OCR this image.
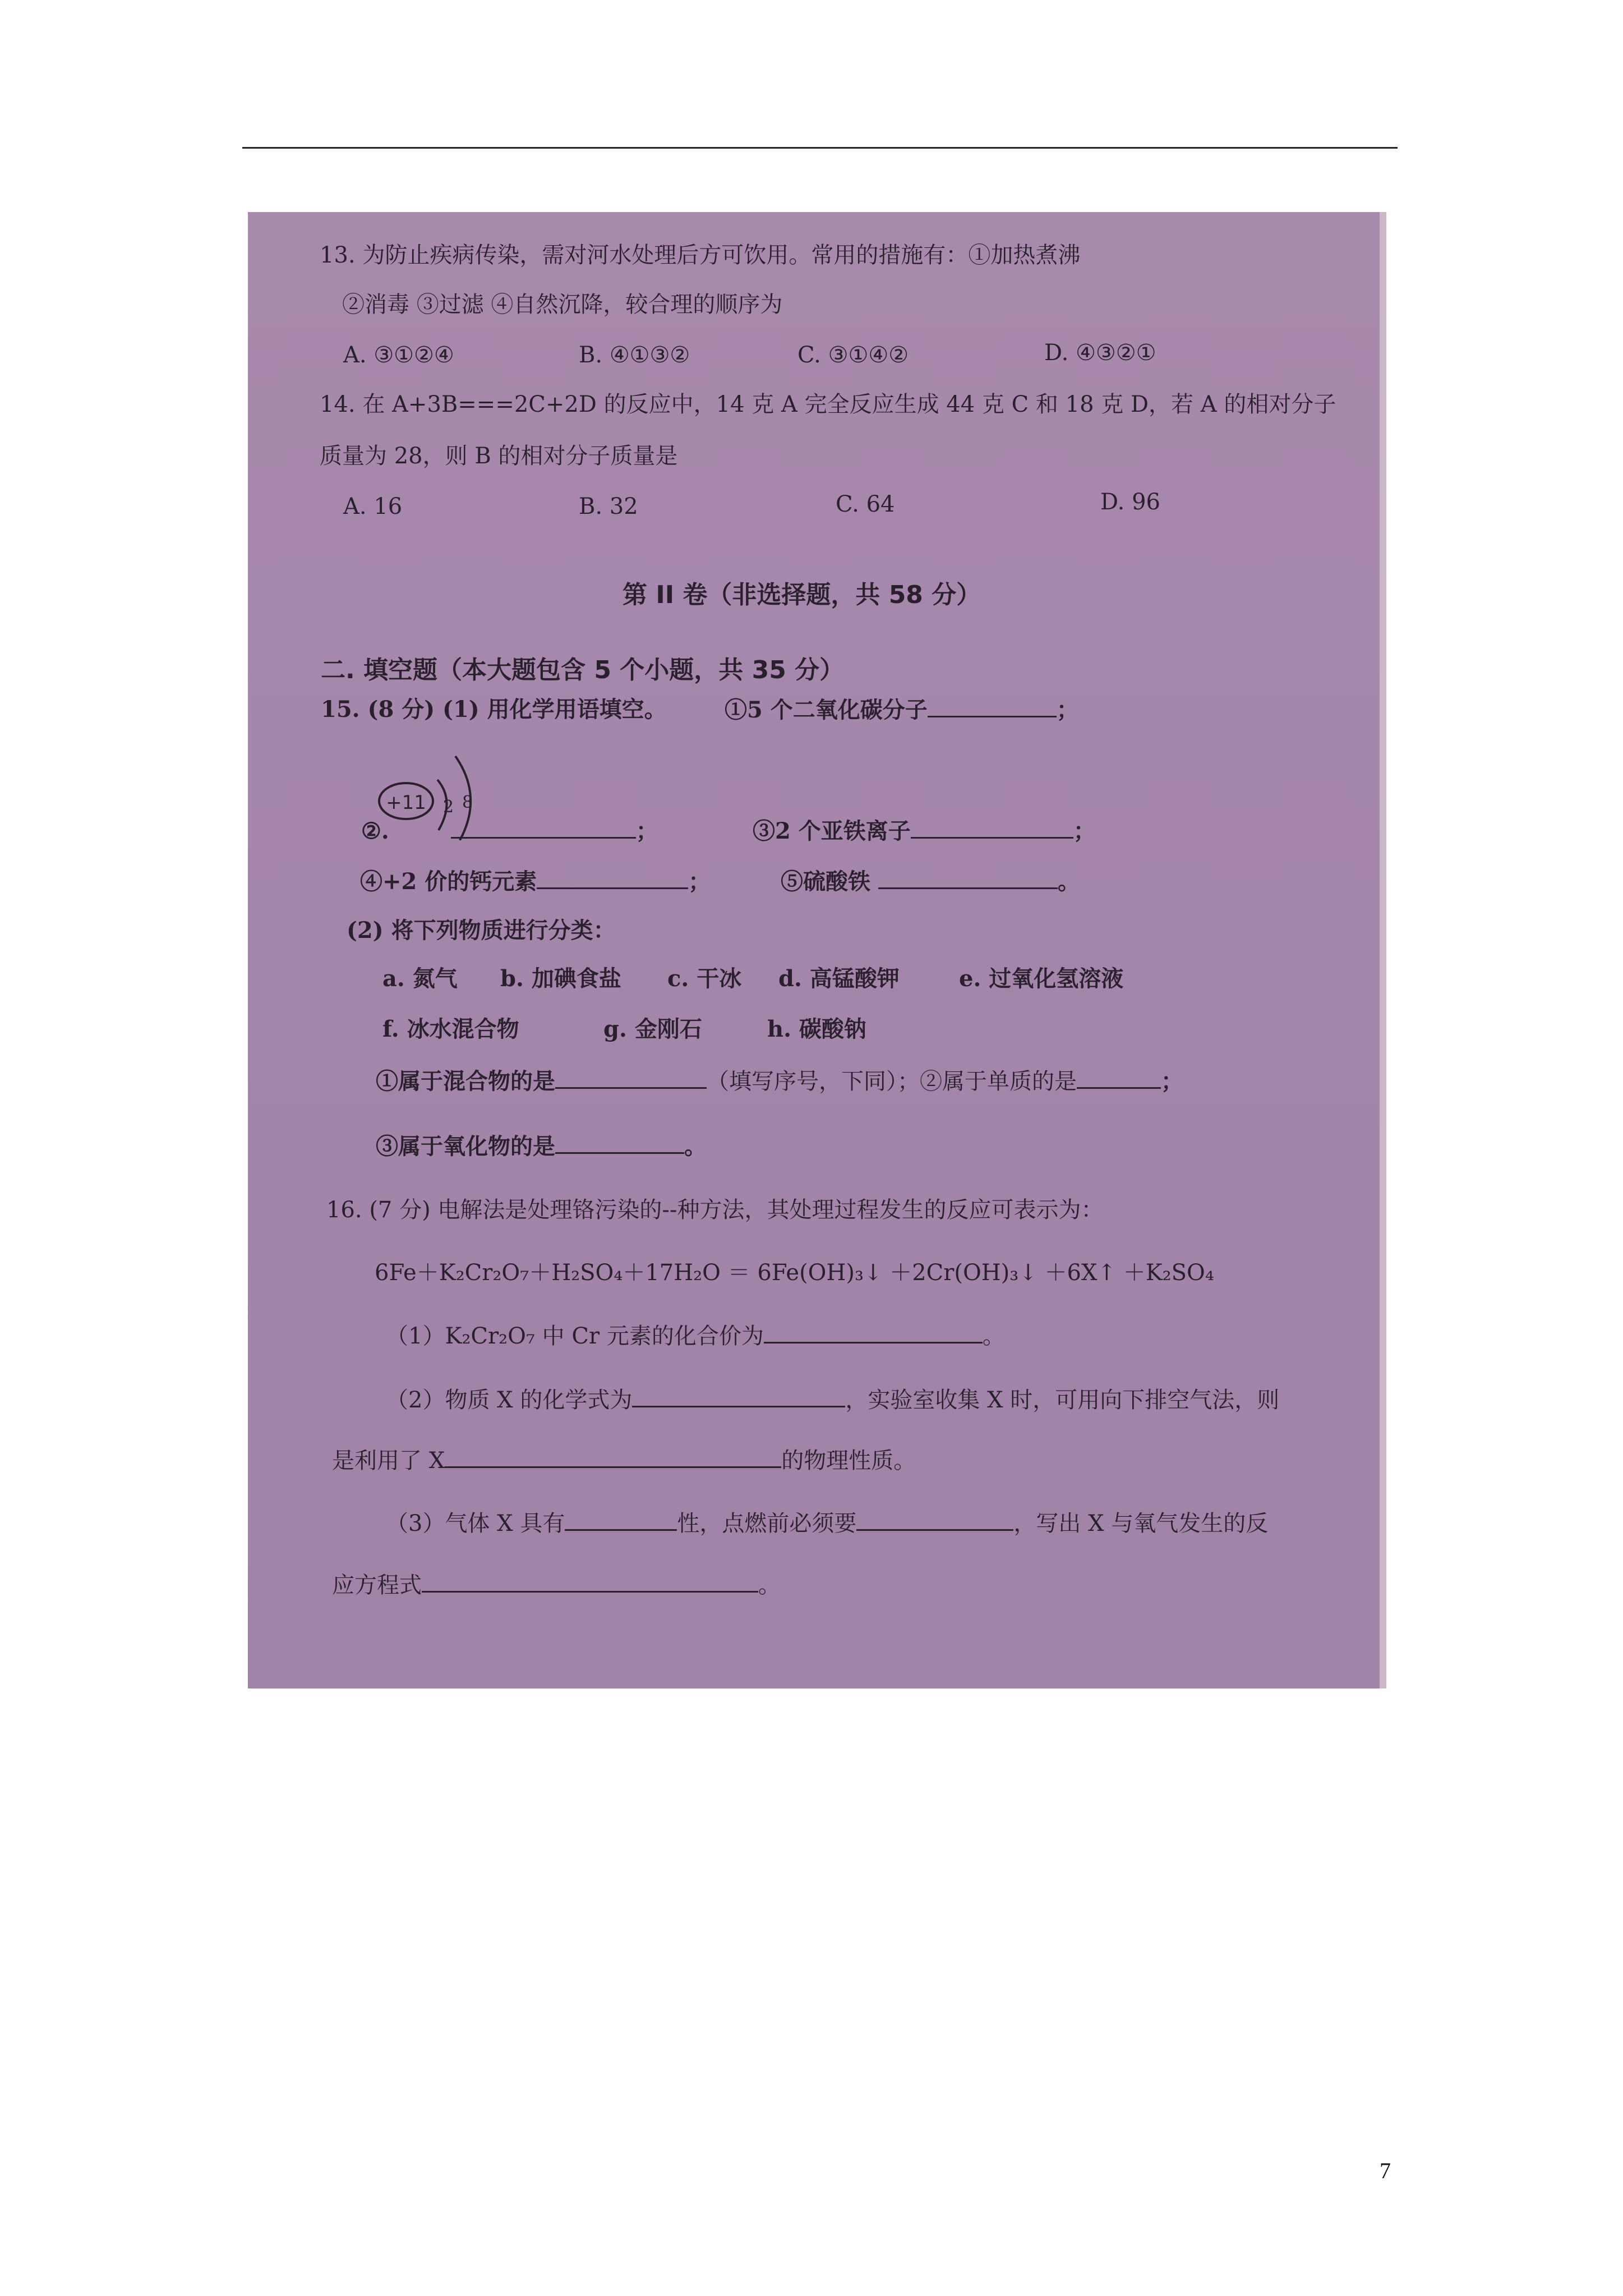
13. 为防止疾病传染，需对河水处理后方可饮用。常用的措施有：①加热煮沸
②消毒 ③过滤 ④自然沉降，较合理的顺序为
A. ③①②④	B. ④①③②	C. ③①④②	D. ④③②①
14. 在 A+3B===2C+2D 的反应中，14 克 A 完全反应生成 44 克 C 和 18 克 D，若 A 的相对分子
质量为 28，则 B 的相对分子质量是
A. 16	B. 32	C. 64	D. 96
第 II 卷（非选择题，共 58 分）
二. 填空题（本大题包含 5 个小题，共 35 分）
15. (8 分) (1) 用化学用语填空。	①5 个二氧化碳分子	；
+11 2 8
②.	；	③2 个亚铁离子	；
④+2 价的钙元素	；	⑤硫酸铁	。
(2) 将下列物质进行分类：
a. 氮气 b. 加碘食盐 c. 干冰 d. 高锰酸钾	e. 过氧化氢溶液
f. 冰水混合物	g. 金刚石	h. 碳酸钠
①属于混合物的是	（填写序号，下同）；②属于单质的是	；
③属于氧化物的是	。
16. (7 分) 电解法是处理铬污染的--种方法，其处理过程发生的反应可表示为：
6Fe＋K₂Cr₂O₇＋H₂SO₄＋17H₂O ＝ 6Fe(OH)₃↓ ＋2Cr(OH)₃↓ ＋6X↑ ＋K₂SO₄
（1）K₂Cr₂O₇ 中 Cr 元素的化合价为	。
（2）物质 X 的化学式为	，实验室收集 X 时，可用向下排空气法，则
是利用了 X	的物理性质。
（3）气体 X 具有	性，点燃前必须要	，写出 X 与氧气发生的反
应方程式	。
7
